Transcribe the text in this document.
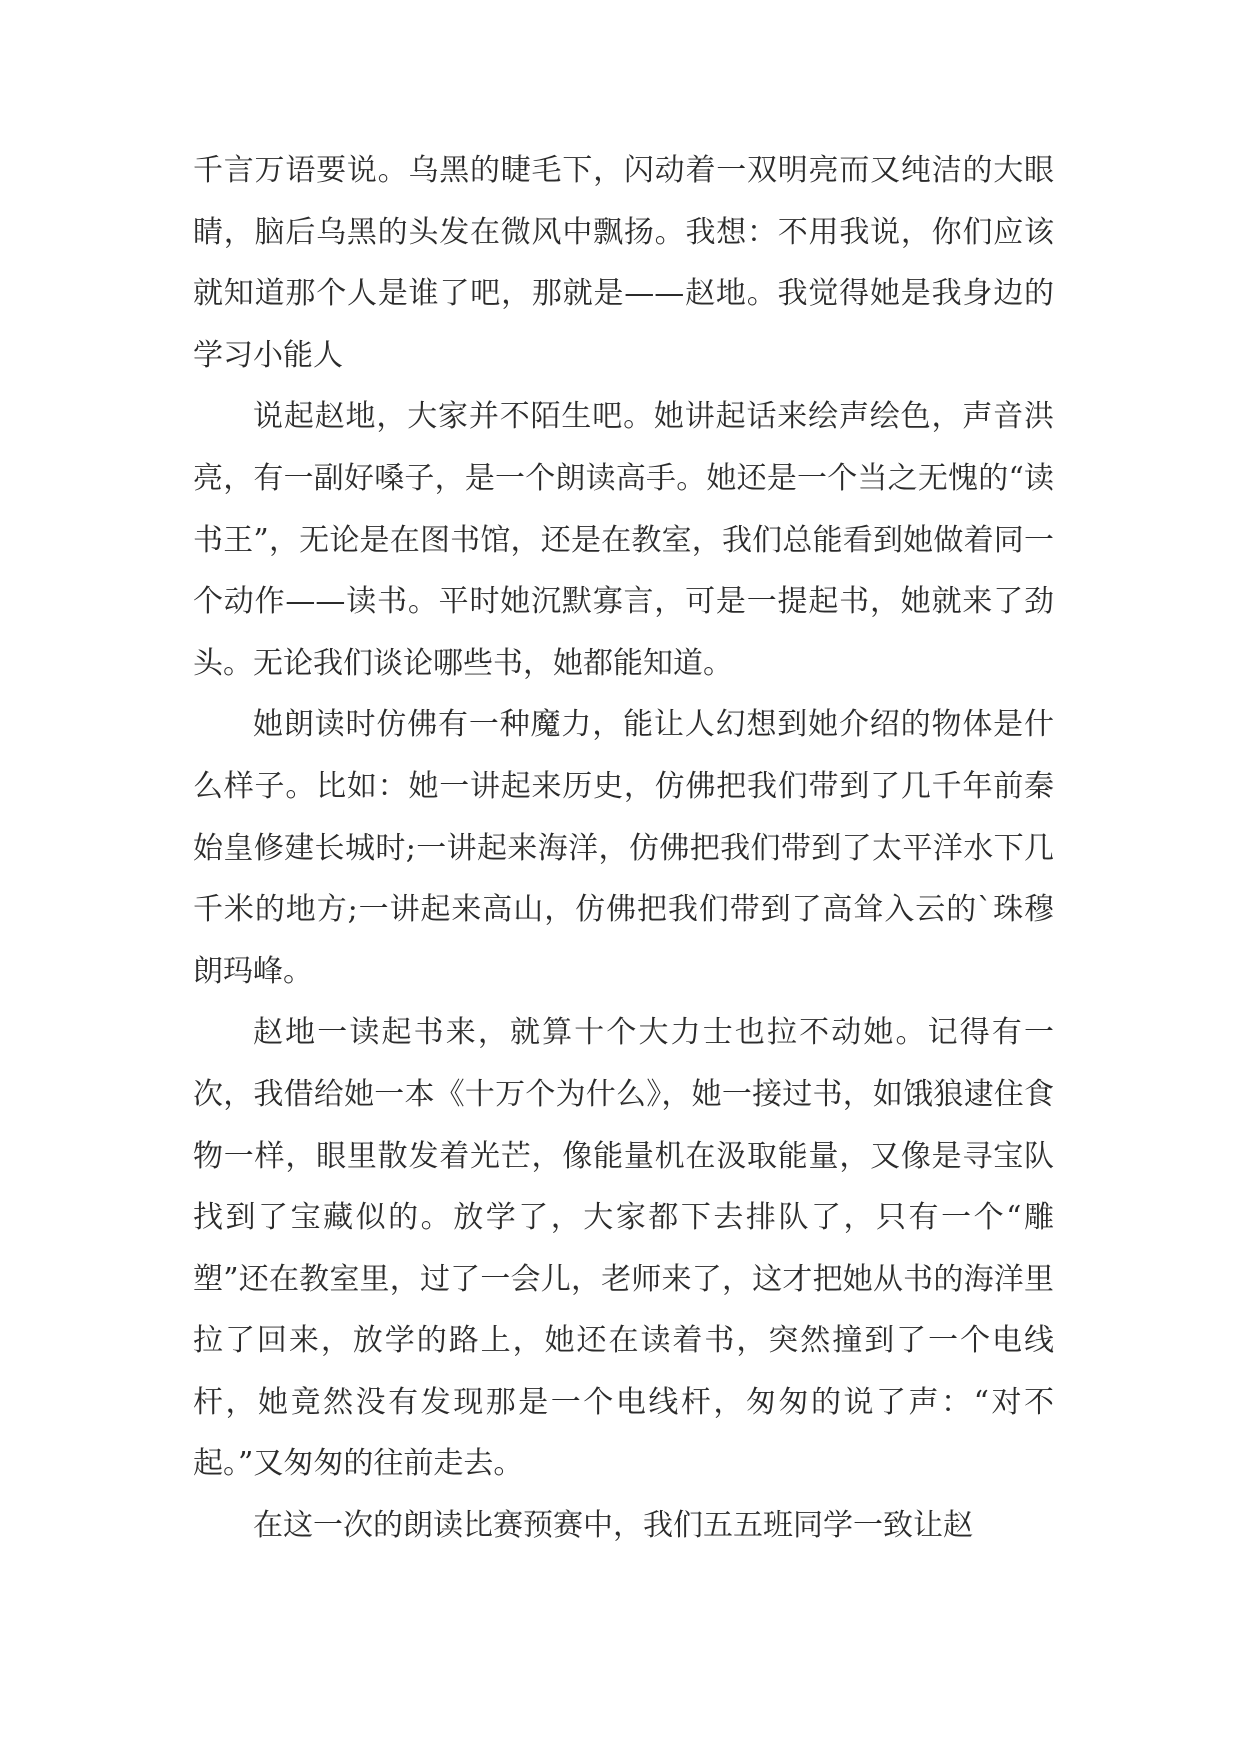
千言万语要说。乌黑的睫毛下，闪动着一双明亮而又纯洁的大眼睛，脑后乌黑的头发在微风中飘扬。我想：不用我说，你们应该就知道那个人是谁了吧，那就是——赵地。我觉得她是我身边的学习小能人

说起赵地，大家并不陌生吧。她讲起话来绘声绘色，声音洪亮，有一副好嗓子，是一个朗读高手。她还是一个当之无愧的“读书王”，无论是在图书馆，还是在教室，我们总能看到她做着同一个动作——读书。平时她沉默寡言，可是一提起书，她就来了劲头。无论我们谈论哪些书，她都能知道。

她朗读时仿佛有一种魔力，能让人幻想到她介绍的物体是什么样子。比如：她一讲起来历史，仿佛把我们带到了几千年前秦始皇修建长城时;一讲起来海洋，仿佛把我们带到了太平洋水下几千米的地方;一讲起来高山，仿佛把我们带到了高耸入云的`珠穆朗玛峰。

赵地一读起书来，就算十个大力士也拉不动她。记得有一次，我借给她一本《十万个为什么》，她一接过书，如饿狼逮住食物一样，眼里散发着光芒，像能量机在汲取能量，又像是寻宝队找到了宝藏似的。放学了，大家都下去排队了，只有一个“雕塑”还在教室里，过了一会儿，老师来了，这才把她从书的海洋里拉了回来，放学的路上，她还在读着书，突然撞到了一个电线杆，她竟然没有发现那是一个电线杆，匆匆的说了声：“对不起。”又匆匆的往前走去。

在这一次的朗读比赛预赛中，我们五五班同学一致让赵
